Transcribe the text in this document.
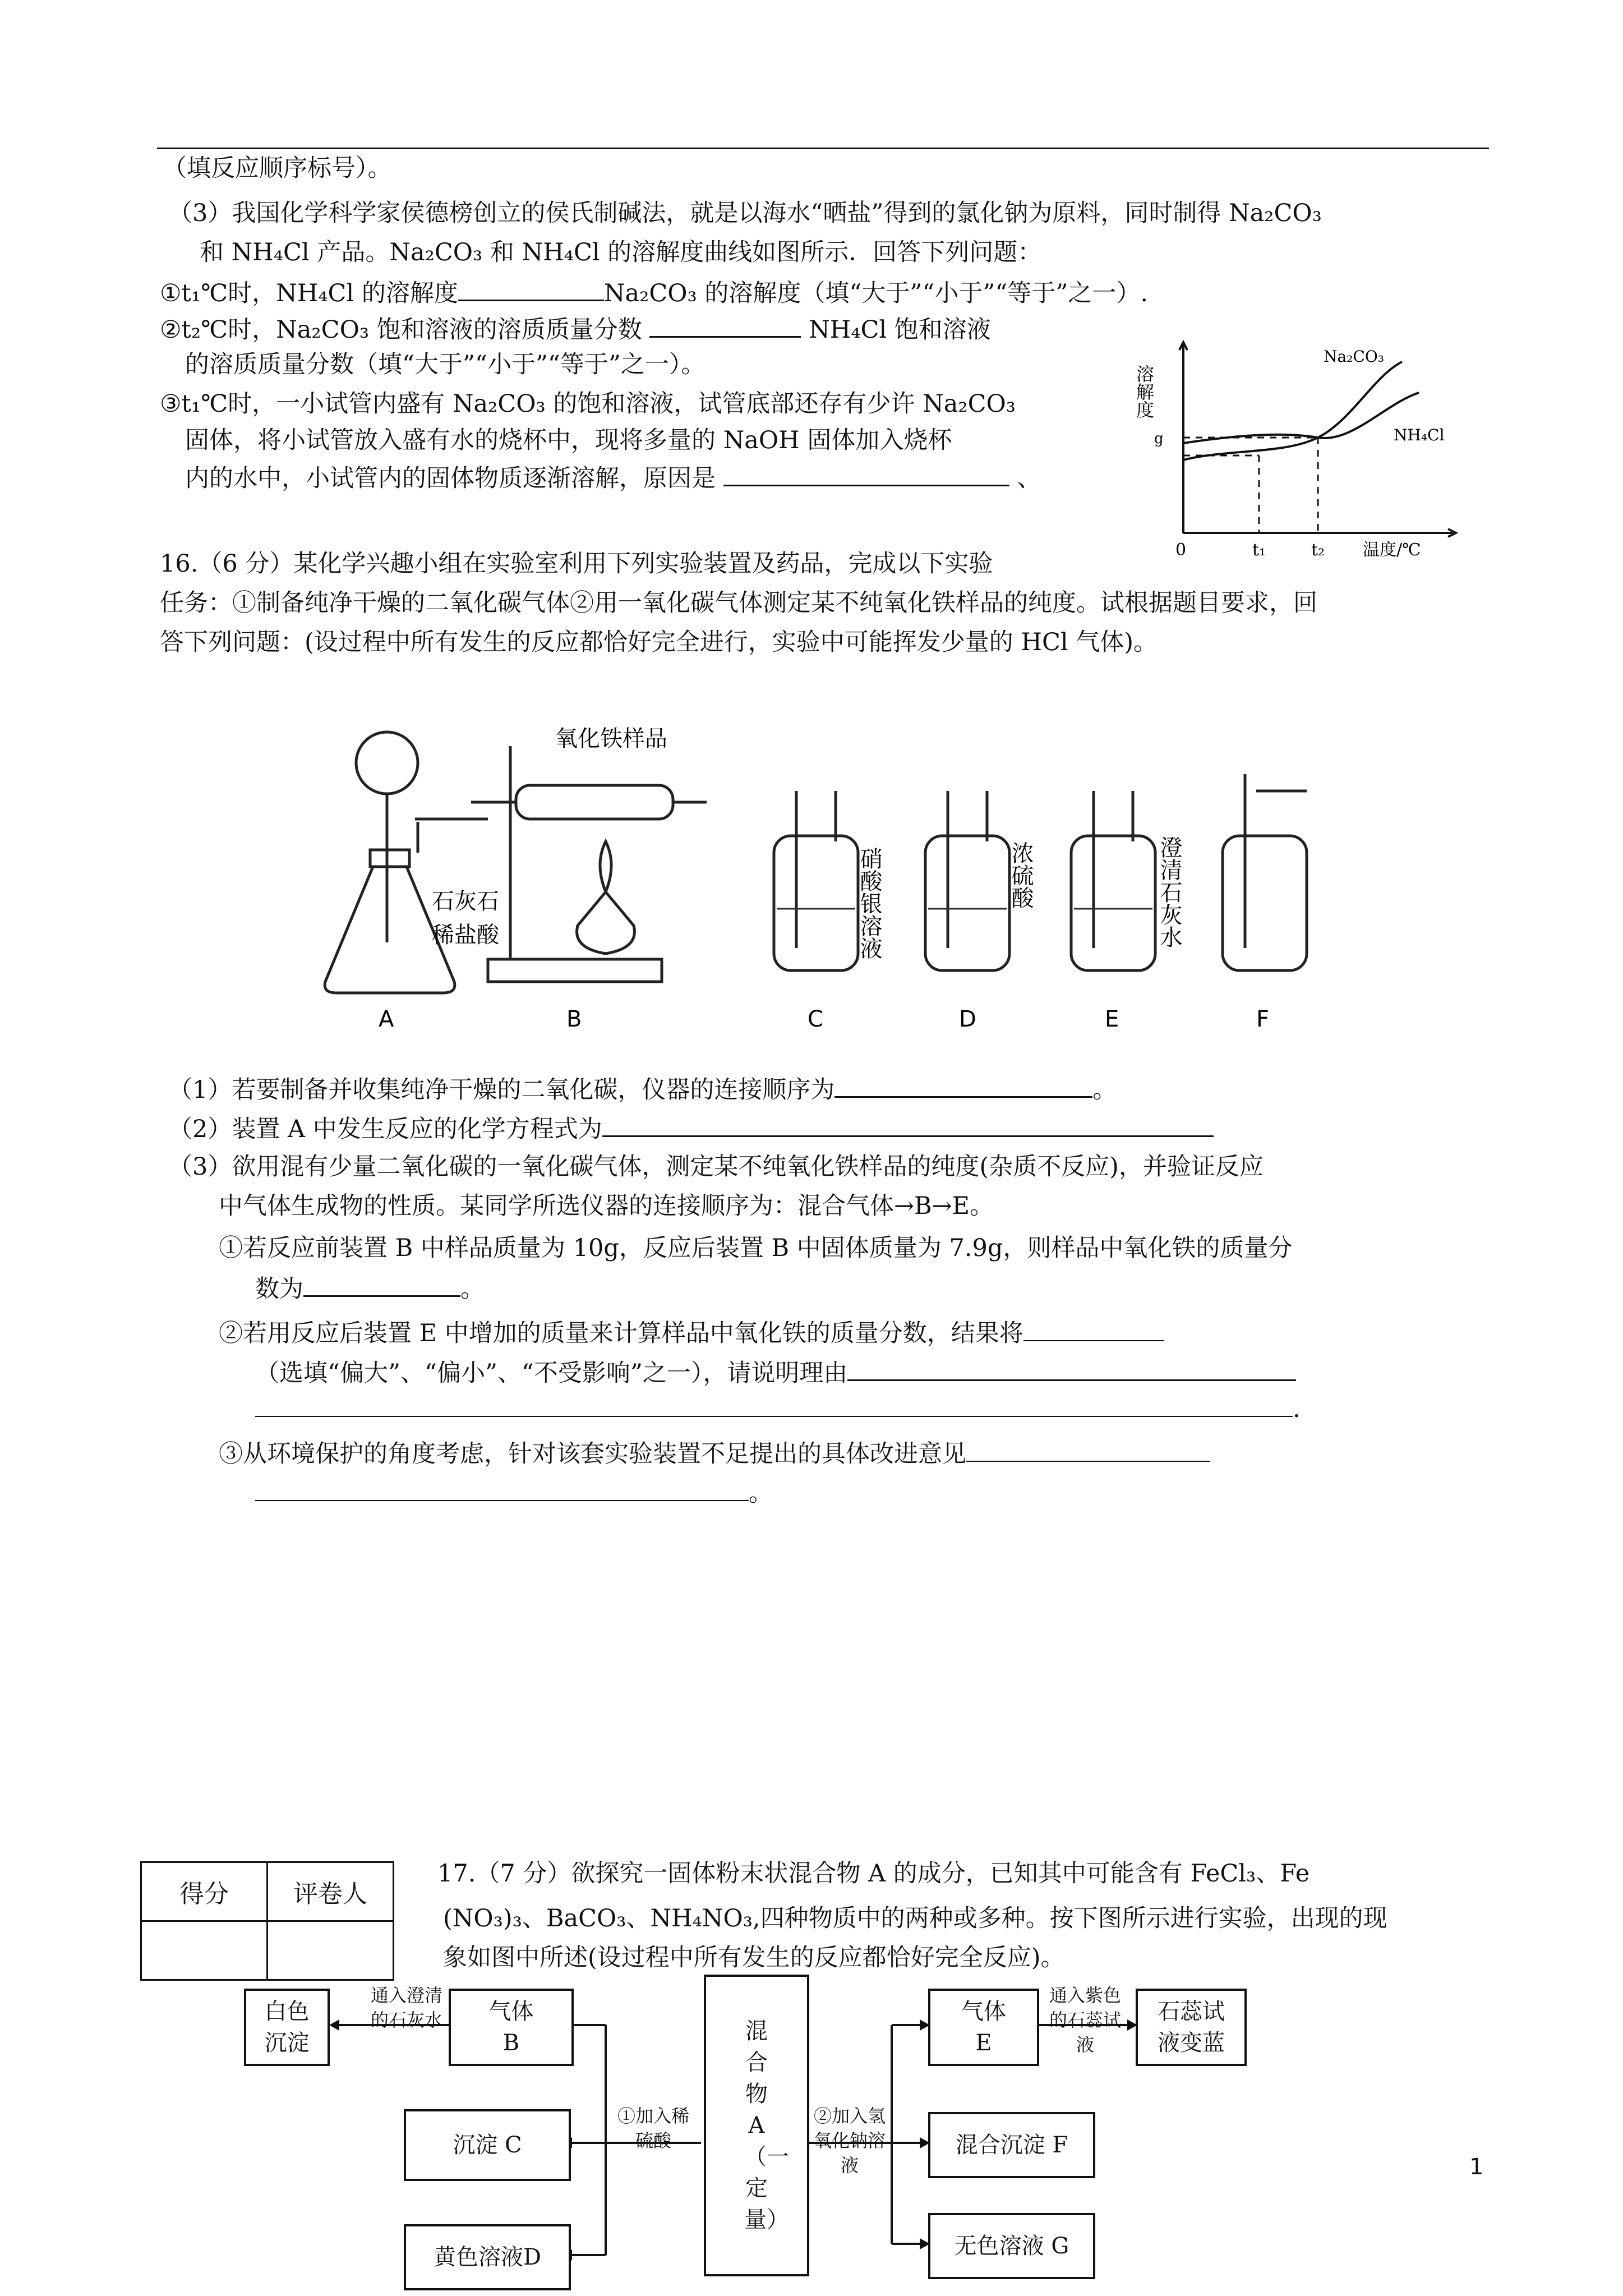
（填反应顺序标号）。
（3）我国化学科学家侯德榜创立的侯氏制碱法，就是以海水“晒盐”得到的氯化钠为原料，同时制得 Na₂CO₃
和 NH₄Cl 产品。Na₂CO₃ 和 NH₄Cl 的溶解度曲线如图所示．回答下列问题：
①t₁℃时，NH₄Cl 的溶解度	Na₂CO₃ 的溶解度（填“大于”“小于”“等于”之一）.
②t₂℃时，Na₂CO₃ 饱和溶液的溶质质量分数	NH₄Cl 饱和溶液
的溶质质量分数（填“大于”“小于”“等于”之一）。
③t₁℃时，一小试管内盛有 Na₂CO₃ 的饱和溶液，试管底部还存有少许 Na₂CO₃
固体，将小试管放入盛有水的烧杯中，现将多量的 NaOH 固体加入烧杯
内的水中，小试管内的固体物质逐渐溶解，原因是	、
溶解度
g
0	t₁	t₂ 温度/℃
Na₂CO₃
NH₄Cl
16.（6 分）某化学兴趣小组在实验室利用下列实验装置及药品，完成以下实验
任务：①制备纯净干燥的二氧化碳气体②用一氧化碳气体测定某不纯氧化铁样品的纯度。试根据题目要求，回
答下列问题：(设过程中所有发生的反应都恰好完全进行，实验中可能挥发少量的 HCl 气体)。
氧化铁样品
石灰石
稀盐酸	硝酸银溶液	浓硫酸	澄清石灰水
A	B	C	D	E	F
（1）若要制备并收集纯净干燥的二氧化碳，仪器的连接顺序为	。
（2）装置 A 中发生反应的化学方程式为
（3）欲用混有少量二氧化碳的一氧化碳气体，测定某不纯氧化铁样品的纯度(杂质不反应)，并验证反应
中气体生成物的性质。某同学所选仪器的连接顺序为：混合气体→B→E。
①若反应前装置 B 中样品质量为 10g，反应后装置 B 中固体质量为 7.9g，则样品中氧化铁的质量分
数为	。
②若用反应后装置 E 中增加的质量来计算样品中氧化铁的质量分数，结果将
（选填“偏大”、“偏小”、“不受影响”之一），请说明理由
.
③从环境保护的角度考虑，针对该套实验装置不足提出的具体改进意见
。
得分	评卷人

17.（7 分）欲探究一固体粉末状混合物 A 的成分，已知其中可能含有 FeCl₃、Fe
(NO₃)₃、BaCO₃、NH₄NO₃,四种物质中的两种或多种。按下图所示进行实验，出现的现
象如图中所述(设过程中所有发生的反应都恰好完全反应)。
白色沉淀
通入澄清的石灰水 气体 B
沉淀 C
黄色溶液D
①加入稀硫酸
混合物A（一定量）
②加入氢氧化钠溶液
气体 E
通入紫色的石蕊试液
石蕊试液变蓝
混合沉淀 F
无色溶液 G
1
